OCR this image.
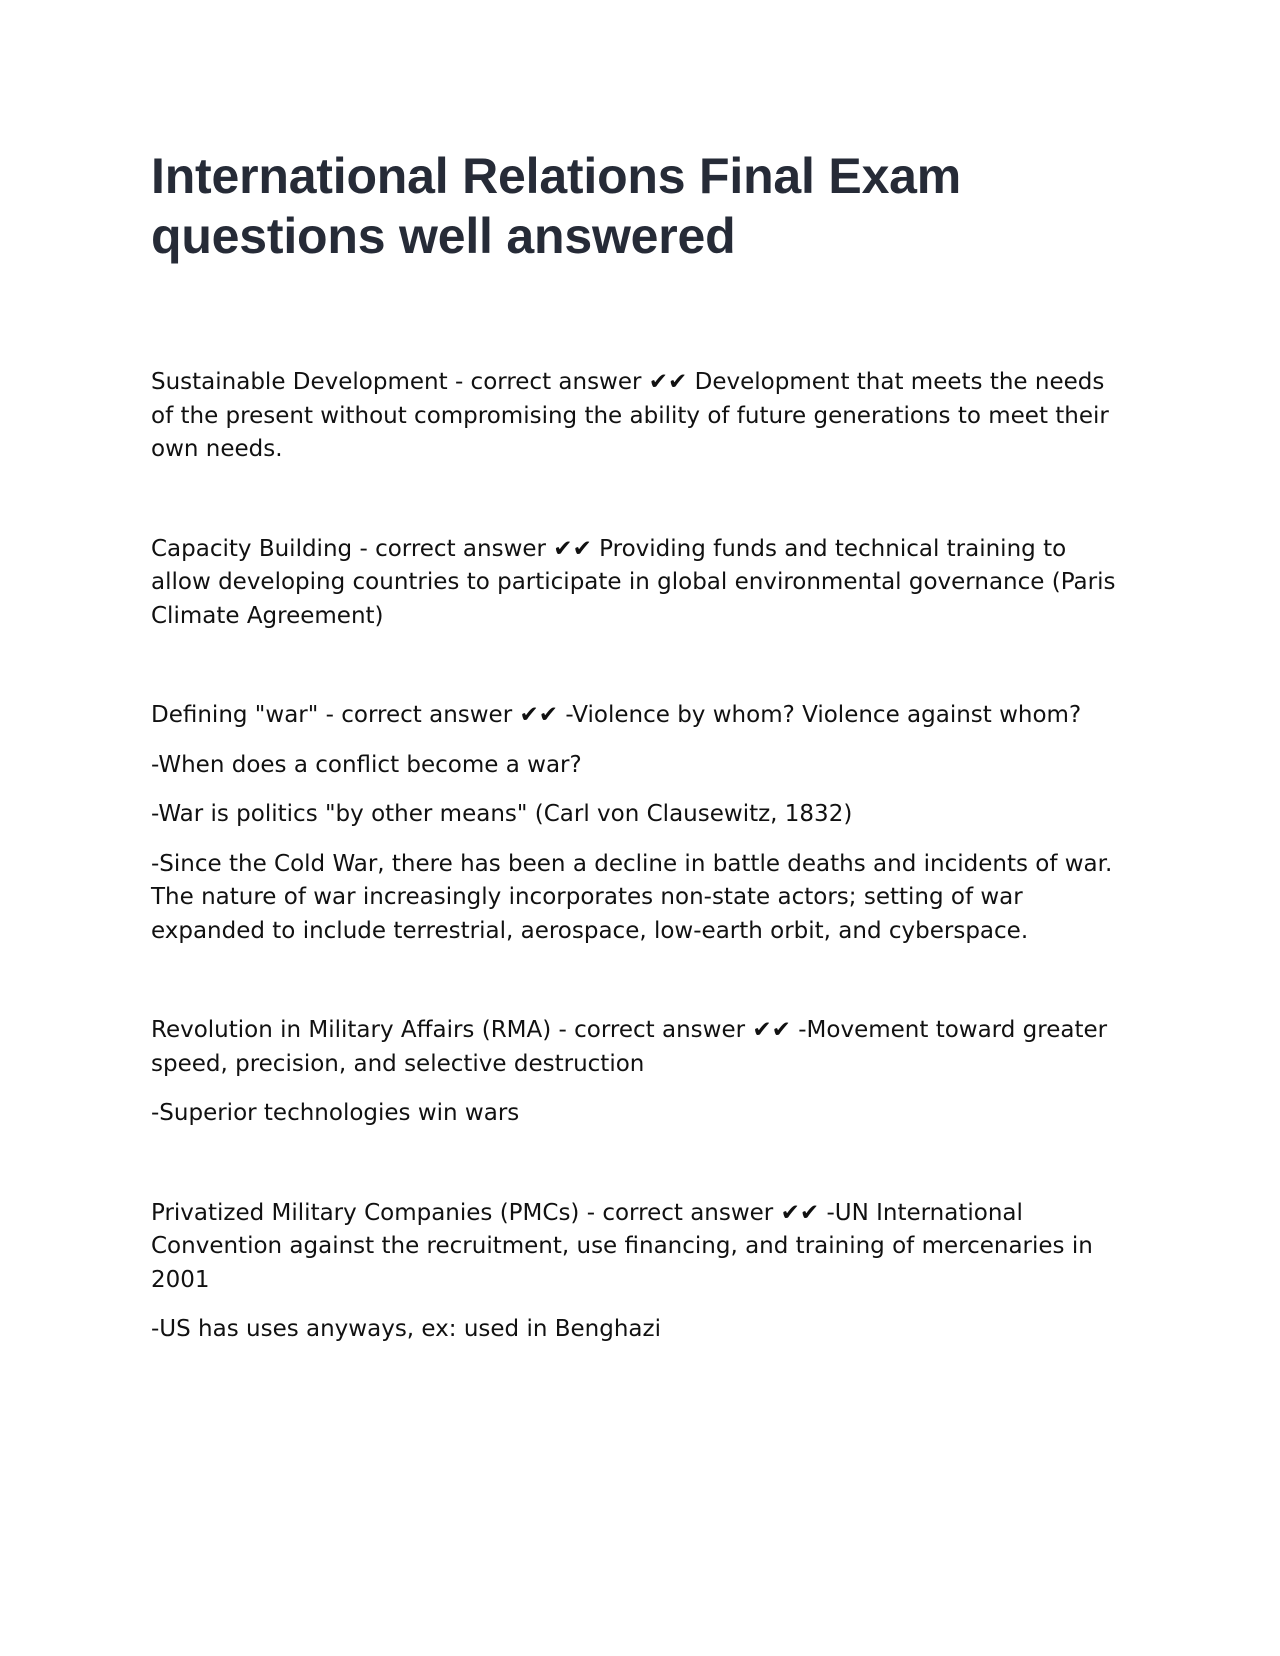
International Relations Final Exam questions well answered

Sustainable Development - correct answer ✔✔ Development that meets the needs of the present without compromising the ability of future generations to meet their own needs.

Capacity Building - correct answer ✔✔ Providing funds and technical training to allow developing countries to participate in global environmental governance (Paris Climate Agreement)

Defining "war" - correct answer ✔✔ -Violence by whom? Violence against whom?

-When does a conflict become a war?

-War is politics "by other means" (Carl von Clausewitz, 1832)

-Since the Cold War, there has been a decline in battle deaths and incidents of war. The nature of war increasingly incorporates non-state actors; setting of war expanded to include terrestrial, aerospace, low-earth orbit, and cyberspace.

Revolution in Military Affairs (RMA) - correct answer ✔✔ -Movement toward greater speed, precision, and selective destruction

-Superior technologies win wars

Privatized Military Companies (PMCs) - correct answer ✔✔ -UN International Convention against the recruitment, use financing, and training of mercenaries in 2001

-US has uses anyways, ex: used in Benghazi
